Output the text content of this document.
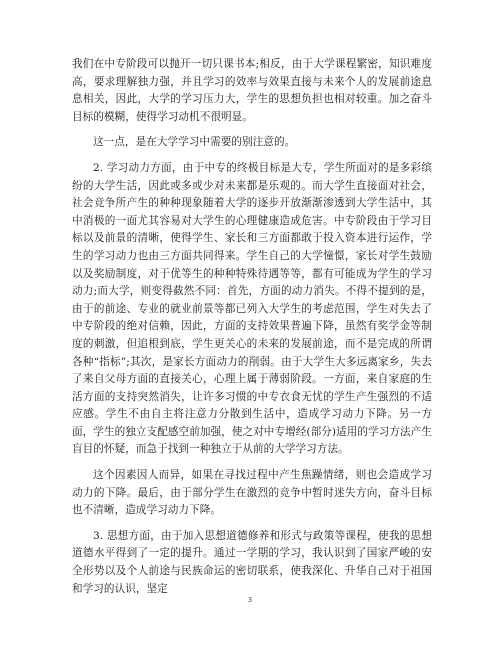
我们在中专阶段可以抛开一切只课书本;相反，由于大学课程繁密，知识难度高，要求理解独力强，并且学习的效率与效果直接与未来个人的发展前途息息相关，因此，大学的学习压力大，学生的思想负担也相对较重。加之奋斗目标的模糊，使得学习动机不很明显。

这一点，是在大学学习中需要的别注意的。

2. 学习动力方面，由于中专的终极目标是大专，学生所面对的是多彩缤纷的大学生活，因此或多或少对未来都是乐观的。而大学生直接面对社会，社会竞争所产生的种种现象随着大学的逐步开放渐渐渗透到大学生活中，其中消极的一面尤其容易对大学生的心理健康造成危害。中专阶段由于学习目标以及前景的清晰，使得学生、家长和三方面都敢于投入资本进行运作，学生的学习动力也由三方面共同得来。学生自己的大学憧憬，家长对学生鼓励以及奖励制度，对于优等生的种种特殊待遇等等，都有可能成为学生的学习动力;而大学，则变得截然不同：首先，方面的动力消失。不得不提到的是，由于的前途、专业的就业前景等都已列入大学生的考虑范围，学生对失去了中专阶段的绝对信赖，因此，方面的支持效果普遍下降，虽然有奖学金等制度的刺激，但追根到底，学生更关心的未来的发展前途，而不是完成的所谓各种“指标”;其次，是家长方面动力的削弱。由于大学生大多远离家乡，失去了来自父母方面的直接关心，心理上属于薄弱阶段。一方面，来自家庭的生活方面的支持突然消失，让许多习惯的中专衣食无忧的学生产生强烈的不适应感。学生不由自主将注意力分散到生活中，造成学习动力下降。另一方面，学生的独立支配感空前加强，使之对中专增经(部分)适用的学习方法产生盲目的怀疑，而急于找到一种独立于从前的大学学习方法。

这个因素因人而异，如果在寻找过程中产生焦躁情绪，则也会造成学习动力的下降。最后，由于部分学生在激烈的竞争中暂时迷失方向，奋斗目标也不清晰，造成学习动力下降。

3. 思想方面，由于加入思想道德修养和形式与政策等课程，使我的思想道德水平得到了一定的提升。通过一学期的学习，我认识到了国家严峻的安全形势以及个人前途与民族命运的密切联系，使我深化、升华自己对于祖国和学习的认识，坚定

3
